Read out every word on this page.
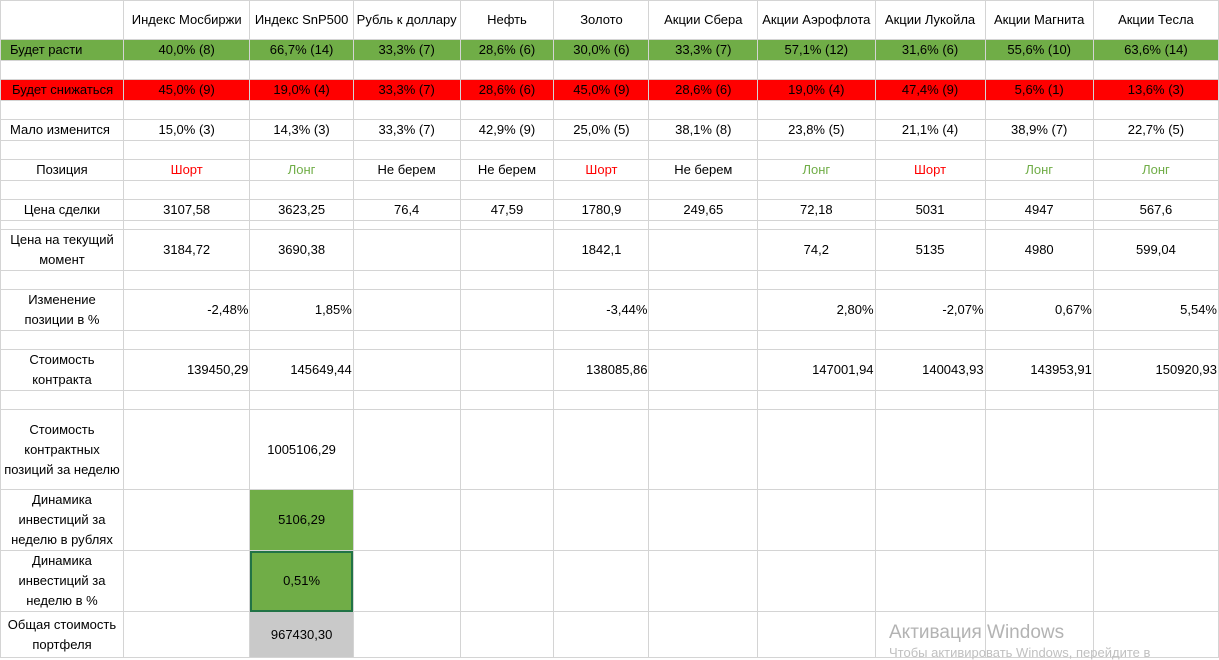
	Индекс Мосбиржи	Индекс SnP500	Рубль к доллару	Нефть	Золото	Акции Сбера	Акции Аэрофлота	Акции Лукойла	Акции Магнита	Акции Тесла
Будет расти	40,0% (8)	66,7% (14)	33,3% (7)	28,6% (6)	30,0% (6)	33,3% (7)	57,1% (12)	31,6% (6)	55,6% (10)	63,6% (14)

Будет снижаться	45,0% (9)	19,0% (4)	33,3% (7)	28,6% (6)	45,0% (9)	28,6% (6)	19,0% (4)	47,4% (9)	5,6% (1)	13,6% (3)

Мало изменится	15,0% (3)	14,3% (3)	33,3% (7)	42,9% (9)	25,0% (5)	38,1% (8)	23,8% (5)	21,1% (4)	38,9% (7)	22,7% (5)

Позиция	Шорт	Лонг	Не берем	Не берем	Шорт	Не берем	Лонг	Шорт	Лонг	Лонг

Цена сделки	3107,58	3623,25	76,4	47,59	1780,9	249,65	72,18	5031	4947	567,6

Цена на текущий момент	3184,72	3690,38			1842,1		74,2	5135	4980	599,04

Изменение позиции в %	-2,48%	1,85%			-3,44%		2,80%	-2,07%	0,67%	5,54%

Стоимость контракта	139450,29	145649,44			138085,86		147001,94	140043,93	143953,91	150920,93

Стоимость контрактных позиций за неделю		1005106,29								
Динамика инвестиций за неделю в рублях		5106,29								
Динамика инвестиций за неделю в %		0,51%								
Общая стоимость портфеля		967430,30									Активация Windows
Чтобы активировать Windows, перейдите в
